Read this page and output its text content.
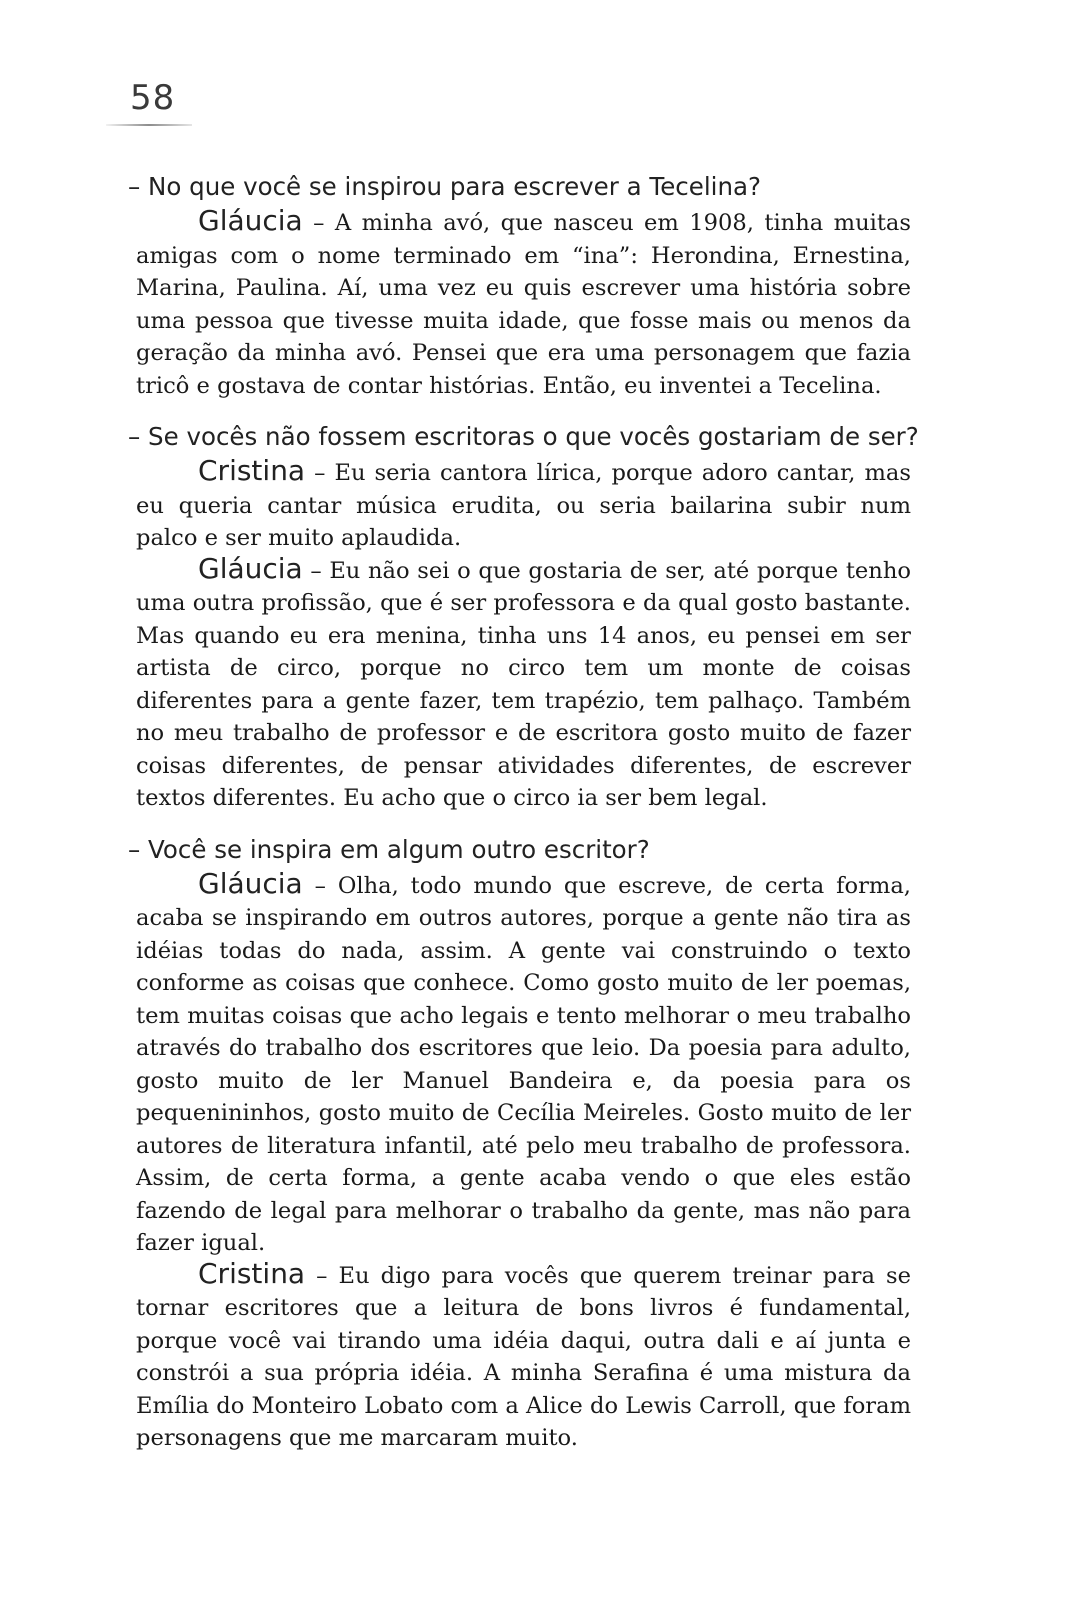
58
– No que você se inspirou para escrever a Tecelina?

Gláucia – A minha avó, que nasceu em 1908, tinha muitas amigas com o nome terminado em “ina”: Herondina, Ernestina, Marina, Paulina. Aí, uma vez eu quis escrever uma história sobre uma pessoa que tivesse muita idade, que fosse mais ou menos da geração da minha avó. Pensei que era uma personagem que fazia tricô e gostava de contar histórias. Então, eu inventei a Tecelina.

– Se vocês não fossem escritoras o que vocês gostariam de ser?

Cristina – Eu seria cantora lírica, porque adoro cantar, mas eu queria cantar música erudita, ou seria bailarina subir num palco e ser muito aplaudida.

Gláucia – Eu não sei o que gostaria de ser, até porque tenho uma outra profissão, que é ser professora e da qual gosto bastante. Mas quando eu era menina, tinha uns 14 anos, eu pensei em ser artista de circo, porque no circo tem um monte de coisas diferentes para a gente fazer, tem trapézio, tem palhaço. Também no meu trabalho de professor e de escritora gosto muito de fazer coisas diferentes, de pensar atividades diferentes, de escrever textos diferentes. Eu acho que o circo ia ser bem legal.

– Você se inspira em algum outro escritor?

Gláucia – Olha, todo mundo que escreve, de certa forma, acaba se inspirando em outros autores, porque a gente não tira as idéias todas do nada, assim. A gente vai construindo o texto conforme as coisas que conhece. Como gosto muito de ler poemas, tem muitas coisas que acho legais e tento melhorar o meu trabalho através do trabalho dos escritores que leio. Da poesia para adulto, gosto muito de ler Manuel Bandeira e, da poesia para os pequenininhos, gosto muito de Cecília Meireles. Gosto muito de ler autores de literatura infantil, até pelo meu trabalho de professora. Assim, de certa forma, a gente acaba vendo o que eles estão fazendo de legal para melhorar o trabalho da gente, mas não para fazer igual.

Cristina – Eu digo para vocês que querem treinar para se tornar escritores que a leitura de bons livros é fundamental, porque você vai tirando uma idéia daqui, outra dali e aí junta e constrói a sua própria idéia. A minha Serafina é uma mistura da Emília do Monteiro Lobato com a Alice do Lewis Carroll, que foram personagens que me marcaram muito.
